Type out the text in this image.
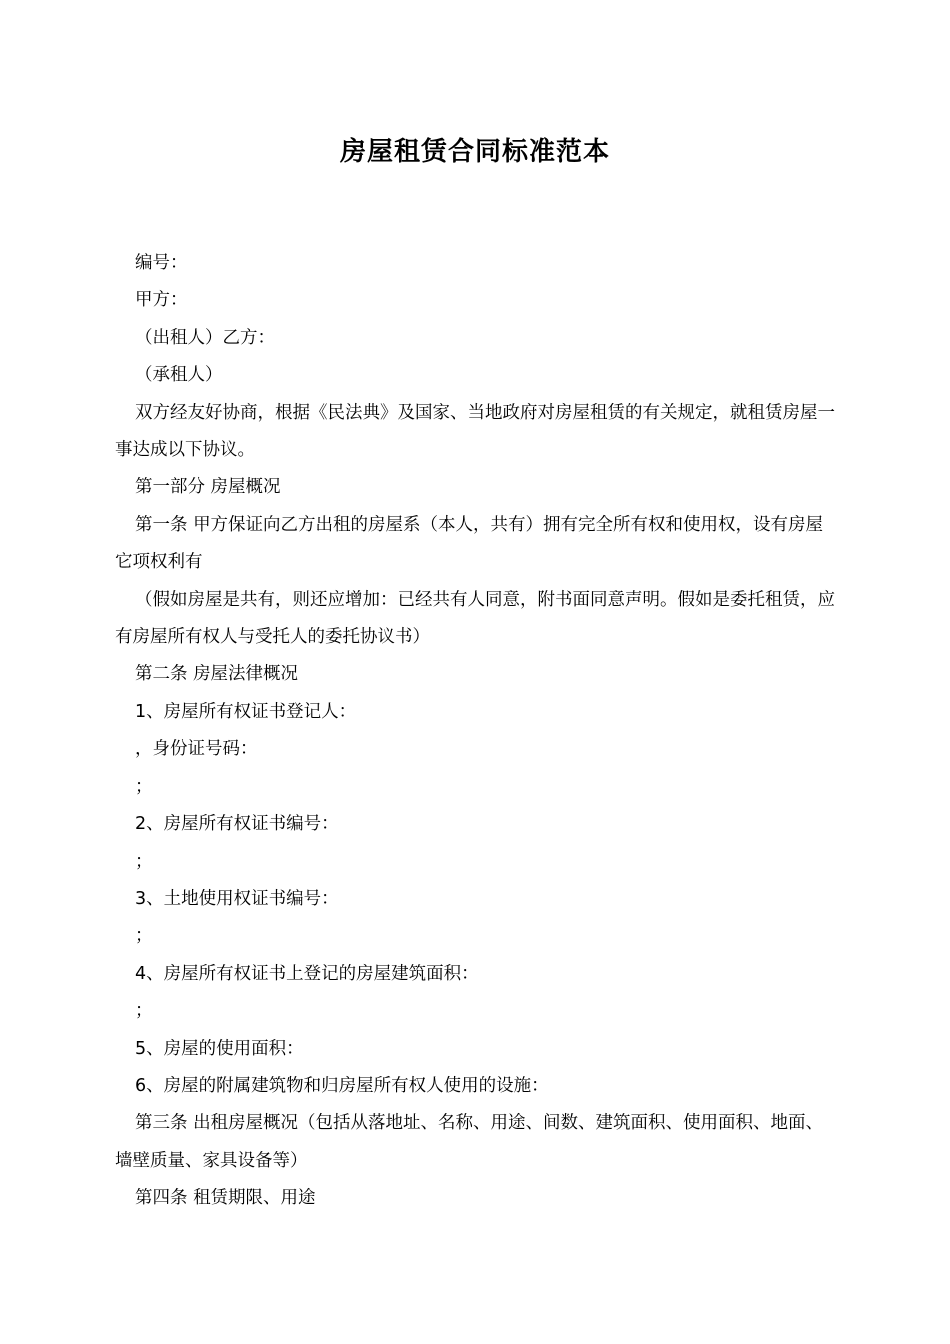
房屋租赁合同标准范本

编号：

甲方：

（出租人）乙方：

（承租人）

双方经友好协商，根据《民法典》及国家、当地政府对房屋租赁的有关规定，就租赁房屋一事达成以下协议。

第一部分 房屋概况

第一条 甲方保证向乙方出租的房屋系（本人，共有）拥有完全所有权和使用权，设有房屋它项权利有

（假如房屋是共有，则还应增加：已经共有人同意，附书面同意声明。假如是委托租赁，应有房屋所有权人与受托人的委托协议书）

第二条 房屋法律概况

1、房屋所有权证书登记人：

，身份证号码：

；

2、房屋所有权证书编号：

；

3、土地使用权证书编号：

；

4、房屋所有权证书上登记的房屋建筑面积：

；

5、房屋的使用面积：

6、房屋的附属建筑物和归房屋所有权人使用的设施：

第三条 出租房屋概况（包括从落地址、名称、用途、间数、建筑面积、使用面积、地面、墙壁质量、家具设备等）

第四条 租赁期限、用途
